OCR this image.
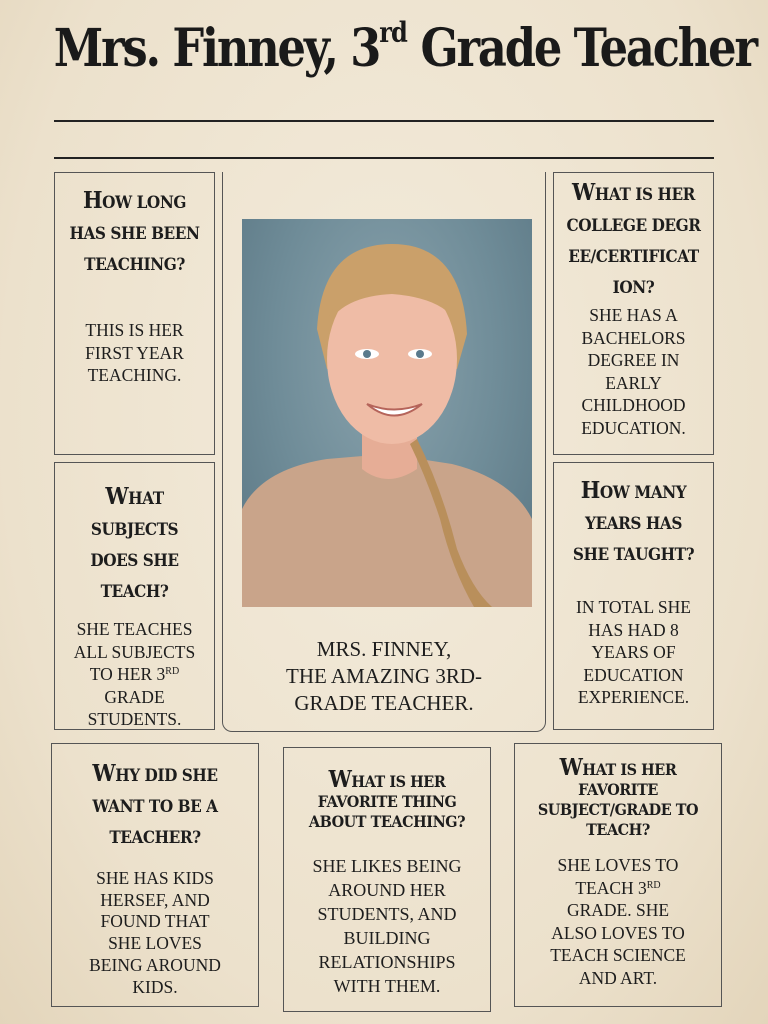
Mrs. Finney, 3rd Grade Teacher
HOW LONG HAS SHE BEEN TEACHING?
THIS IS HER FIRST YEAR TEACHING.
WHAT IS HER COLLEGE DEGREE/CERTIFICATION?
SHE HAS A BACHELORS DEGREE IN EARLY CHILDHOOD EDUCATION.
WHAT SUBJECTS DOES SHE TEACH?
SHE TEACHES ALL SUBJECTS TO HER 3RD GRADE STUDENTS.
HOW MANY YEARS HAS SHE TAUGHT?
IN TOTAL SHE HAS HAD 8 YEARS OF EDUCATION EXPERIENCE.
MRS. FINNEY,
THE AMAZING 3RD-
GRADE TEACHER.
WHY DID SHE WANT TO BE A TEACHER?
SHE HAS KIDS HERSEF, AND FOUND THAT SHE LOVES BEING AROUND KIDS.
WHAT IS HER FAVORITE THING ABOUT TEACHING?
SHE LIKES BEING AROUND HER STUDENTS, AND BUILDING RELATIONSHIPS WITH THEM.
WHAT IS HER FAVORITE SUBJECT/GRADE TO TEACH?
SHE LOVES TO TEACH 3RD GRADE. SHE ALSO LOVES TO TEACH SCIENCE AND ART.
